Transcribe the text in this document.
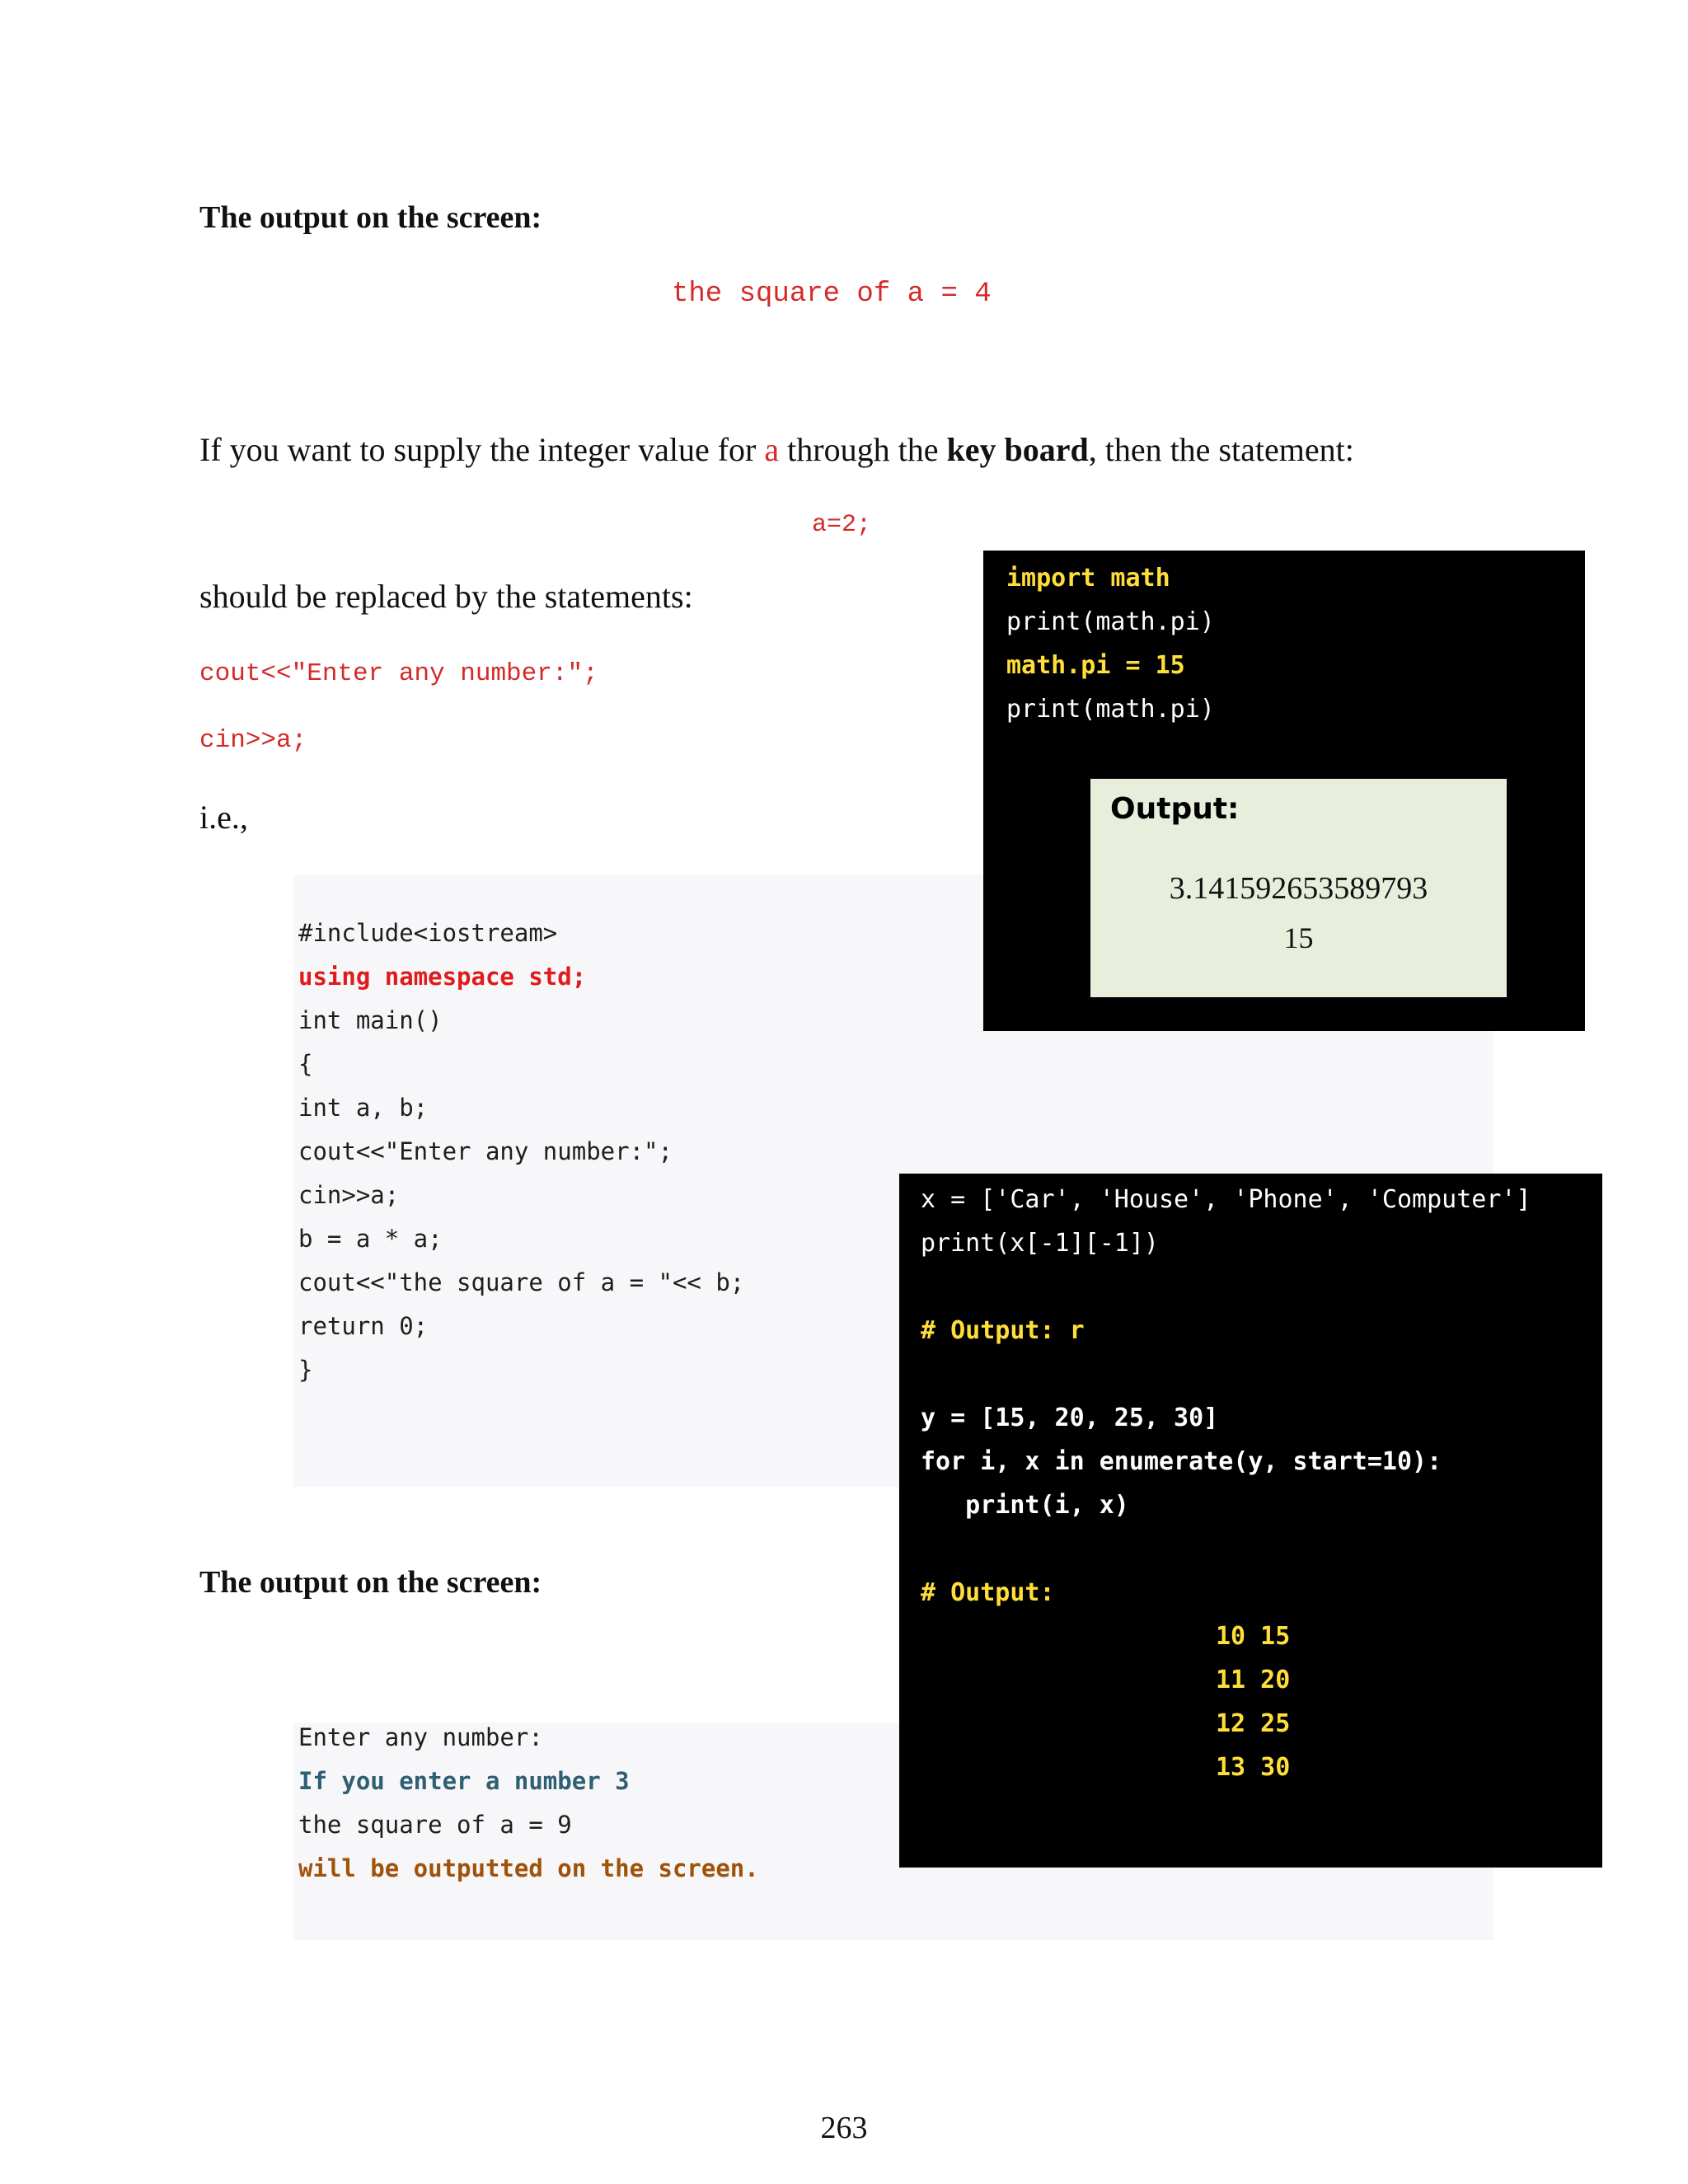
The output on the screen:
the square of a = 4
If you want to supply the integer value for a through the key board, then the statement:
a=2;
should be replaced by the statements:
cout<<"Enter any number:";
cin>>a;
i.e.,
#include<iostream>
using namespace std;
int main()
{
int a, b;
cout<<"Enter any number:";
cin>>a;
b = a * a;
cout<<"the square of a = "<< b;
return 0;
}
The output on the screen:
Enter any number:
If you enter a number 3
the square of a = 9
will be outputted on the screen.
import math
print(math.pi)
math.pi = 15
print(math.pi)
Output:
3.141592653589793
15
x = ['Car', 'House', 'Phone', 'Computer']
print(x[-1][-1])
# Output: r
y = [15, 20, 25, 30]
for i, x in enumerate(y, start=10):
print(i, x)
# Output:
10 15
11 20
12 25
13 30
263
